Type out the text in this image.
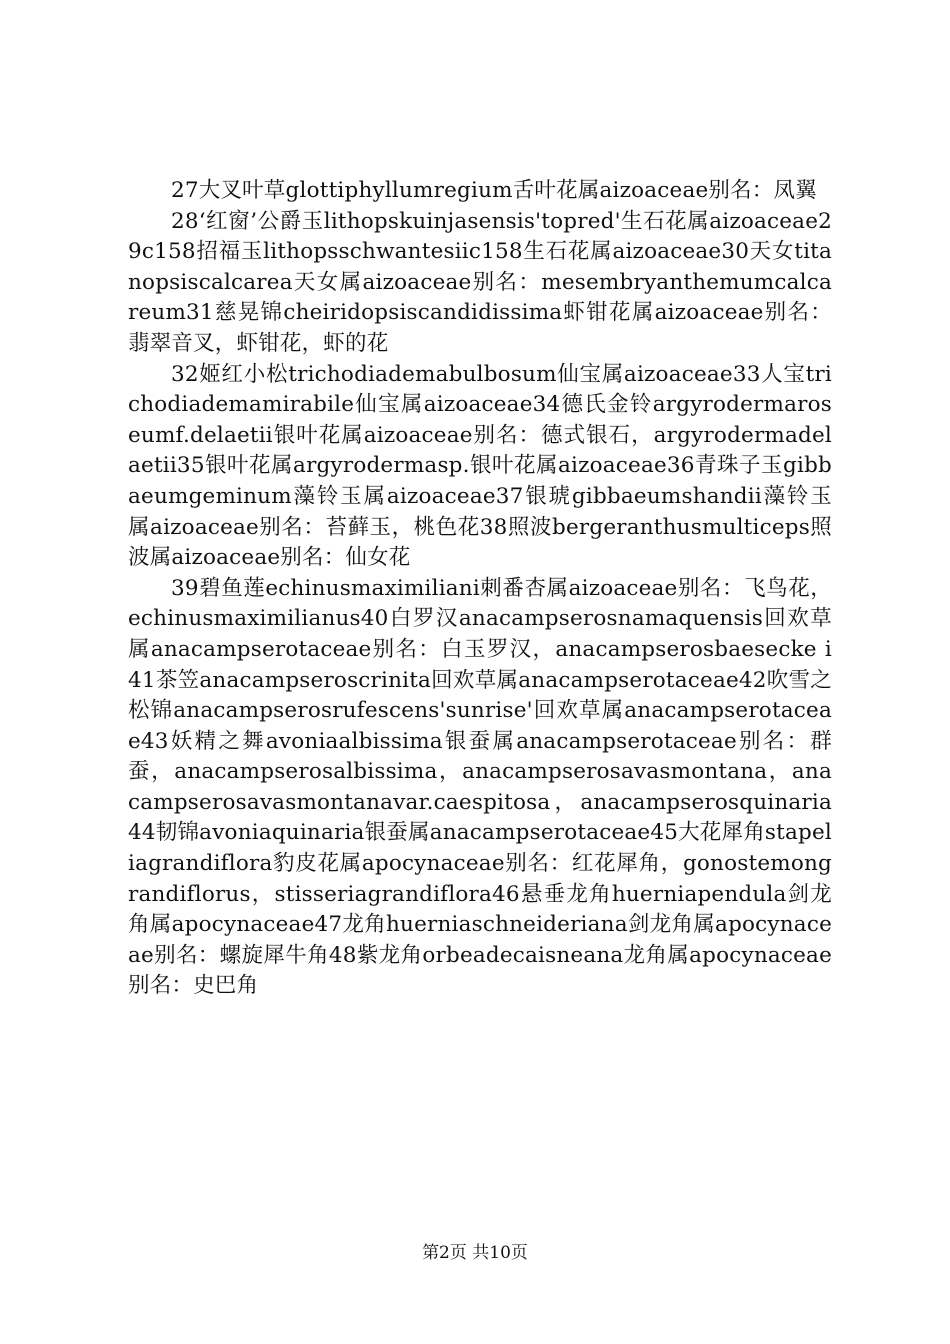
27大叉叶草glottiphyllumregium舌叶花属aizoaceae别名：凤翼

28‘红窗’公爵玉lithopskuinjasensis'topred'生石花属aizoaceae29c158招福玉lithopsschwantesiic158生石花属aizoaceae30天女titanopsiscalcarea天女属aizoaceae别名：mesembryanthemumcalcareum31慈晃锦cheiridopsiscandidissima虾钳花属aizoaceae别名：翡翠音叉，虾钳花，虾的花

32姬红小松trichodiademabulbosum仙宝属aizoaceae33人宝trichodiademamirabile仙宝属aizoaceae34德氏金铃argyrodermaroseumf.delaetii银叶花属aizoaceae别名：德式银石，argyrodermadelaetii35银叶花属argyrodermasp.银叶花属aizoaceae36青珠子玉gibbaeumgeminum藻铃玉属aizoaceae37银琥gibbaeumshandii藻铃玉属aizoaceae别名：苔藓玉，桃色花38照波bergeranthusmulticeps照波属aizoaceae别名：仙女花

39碧鱼莲echinusmaximiliani刺番杏属aizoaceae别名：飞鸟花，echinusmaximilianus40白罗汉anacampserosnamaquensis回欢草属anacampserotaceae别名：白玉罗汉，anacampserosbaesecke i41茶笠anacampseroscrinita回欢草属anacampserotaceae42吹雪之松锦anacampserosrufescens'sunrise'回欢草属anacampserotaceae43妖精之舞avoniaalbissima银蚕属anacampserotaceae别名：群蚕，anacampserosalbissima，anacampserosavasmontana，anacampserosavasmontanavar.caespitosa，anacampserosquinaria44韧锦avoniaquinaria银蚕属anacampserotaceae45大花犀角stapeliagrandiflora豹皮花属apocynaceae别名：红花犀角，gonostemongrandiflorus，stisseriagrandiflora46悬垂龙角huerniapendula剑龙角属apocynaceae47龙角huerniaschneideriana剑龙角属apocynaceae别名：螺旋犀牛角48紫龙角orbeadecaisneana龙角属apocynaceae别名：史巴角

第2页 共10页
